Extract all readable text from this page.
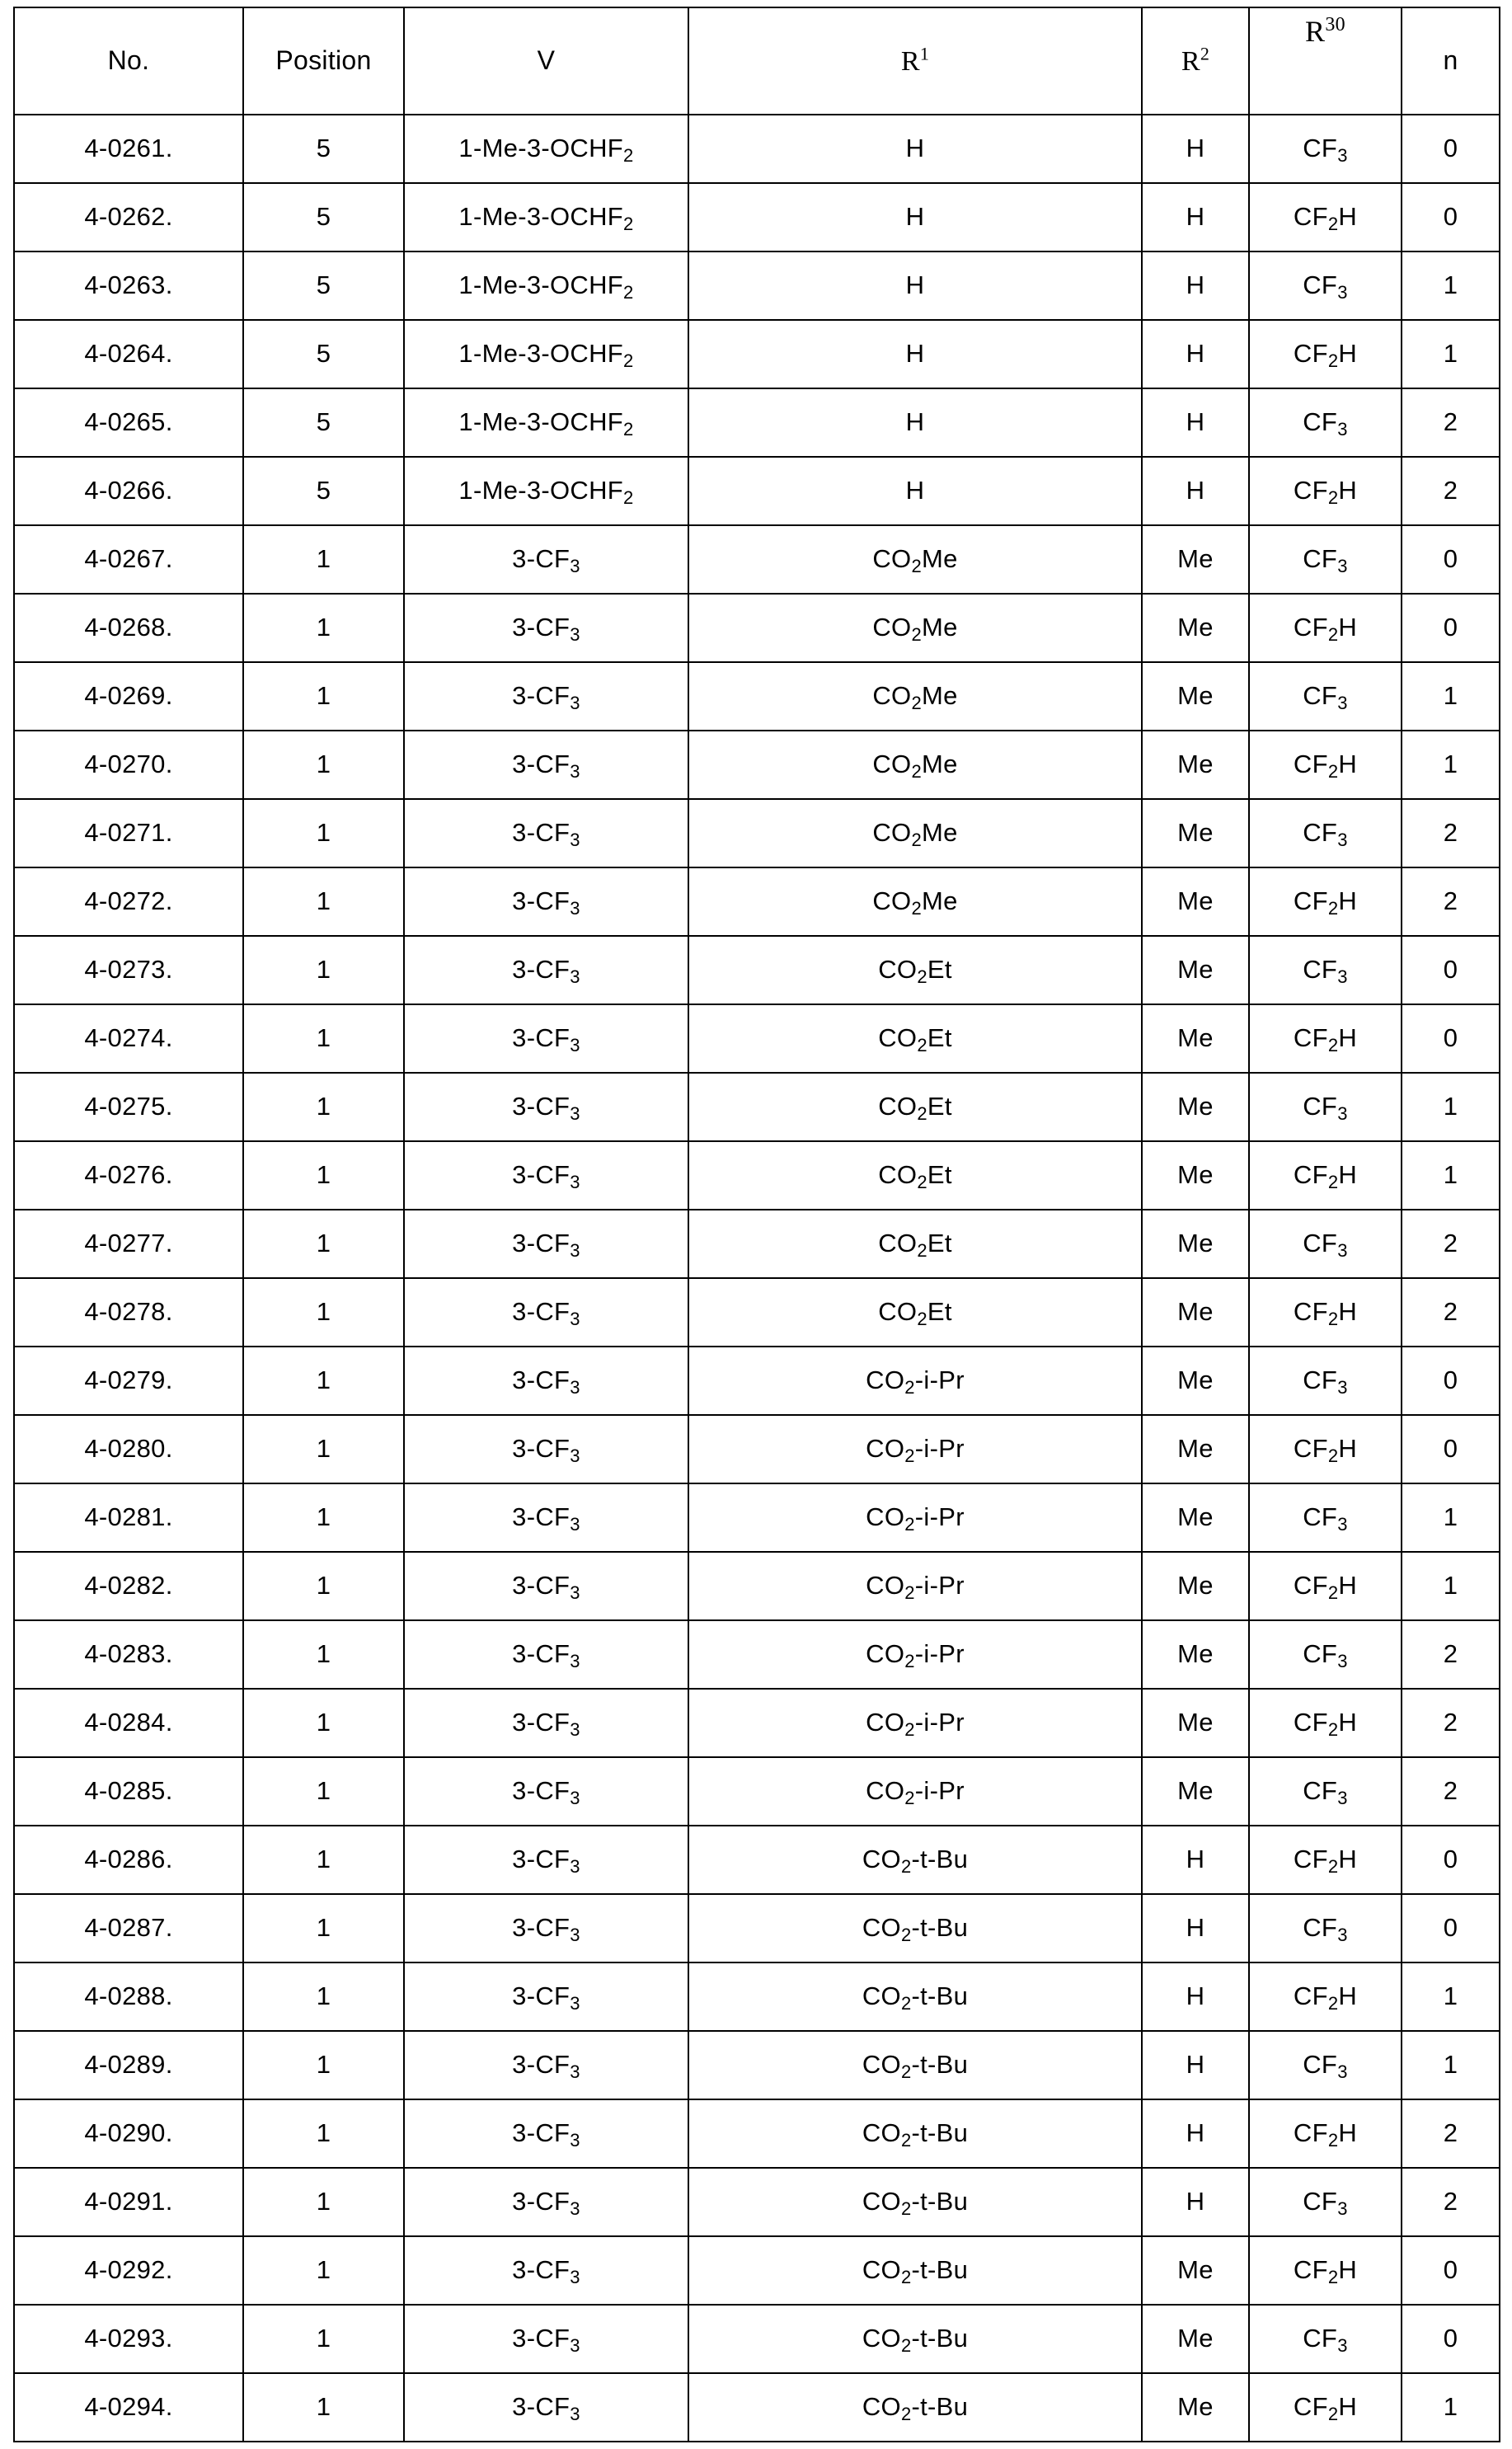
No.	Position	V	$R^1$	$R^2$	$R^{30}$	n
4-0261.	5	$1-Me-3-OCHF_2$	H	H	$CF_3$	0
4-0262.	5	$1-Me-3-OCHF_2$	H	H	$CF_2H$	0
4-0263.	5	$1-Me-3-OCHF_2$	H	H	$CF_3$	1
4-0264.	5	$1-Me-3-OCHF_2$	H	H	$CF_2H$	1
4-0265.	5	$1-Me-3-OCHF_2$	H	H	$CF_3$	2
4-0266.	5	$1-Me-3-OCHF_2$	H	H	$CF_2H$	2
4-0267.	1	$3-CF_3$	$CO_2Me$	Me	$CF_3$	0
4-0268.	1	$3-CF_3$	$CO_2Me$	Me	$CF_2H$	0
4-0269.	1	$3-CF_3$	$CO_2Me$	Me	$CF_3$	1
4-0270.	1	$3-CF_3$	$CO_2Me$	Me	$CF_2H$	1
4-0271.	1	$3-CF_3$	$CO_2Me$	Me	$CF_3$	2
4-0272.	1	$3-CF_3$	$CO_2Me$	Me	$CF_2H$	2
4-0273.	1	$3-CF_3$	$CO_2Et$	Me	$CF_3$	0
4-0274.	1	$3-CF_3$	$CO_2Et$	Me	$CF_2H$	0
4-0275.	1	$3-CF_3$	$CO_2Et$	Me	$CF_3$	1
4-0276.	1	$3-CF_3$	$CO_2Et$	Me	$CF_2H$	1
4-0277.	1	$3-CF_3$	$CO_2Et$	Me	$CF_3$	2
4-0278.	1	$3-CF_3$	$CO_2Et$	Me	$CF_2H$	2
4-0279.	1	$3-CF_3$	$CO_2-i-Pr$	Me	$CF_3$	0
4-0280.	1	$3-CF_3$	$CO_2-i-Pr$	Me	$CF_2H$	0
4-0281.	1	$3-CF_3$	$CO_2-i-Pr$	Me	$CF_3$	1
4-0282.	1	$3-CF_3$	$CO_2-i-Pr$	Me	$CF_2H$	1
4-0283.	1	$3-CF_3$	$CO_2-i-Pr$	Me	$CF_3$	2
4-0284.	1	$3-CF_3$	$CO_2-i-Pr$	Me	$CF_2H$	2
4-0285.	1	$3-CF_3$	$CO_2-i-Pr$	Me	$CF_3$	2
4-0286.	1	$3-CF_3$	$CO_2-t-Bu$	H	$CF_2H$	0
4-0287.	1	$3-CF_3$	$CO_2-t-Bu$	H	$CF_3$	0
4-0288.	1	$3-CF_3$	$CO_2-t-Bu$	H	$CF_2H$	1
4-0289.	1	$3-CF_3$	$CO_2-t-Bu$	H	$CF_3$	1
4-0290.	1	$3-CF_3$	$CO_2-t-Bu$	H	$CF_2H$	2
4-0291.	1	$3-CF_3$	$CO_2-t-Bu$	H	$CF_3$	2
4-0292.	1	$3-CF_3$	$CO_2-t-Bu$	Me	$CF_2H$	0
4-0293.	1	$3-CF_3$	$CO_2-t-Bu$	Me	$CF_3$	0
4-0294.	1	$3-CF_3$	$CO_2-t-Bu$	Me	$CF_2H$	1
